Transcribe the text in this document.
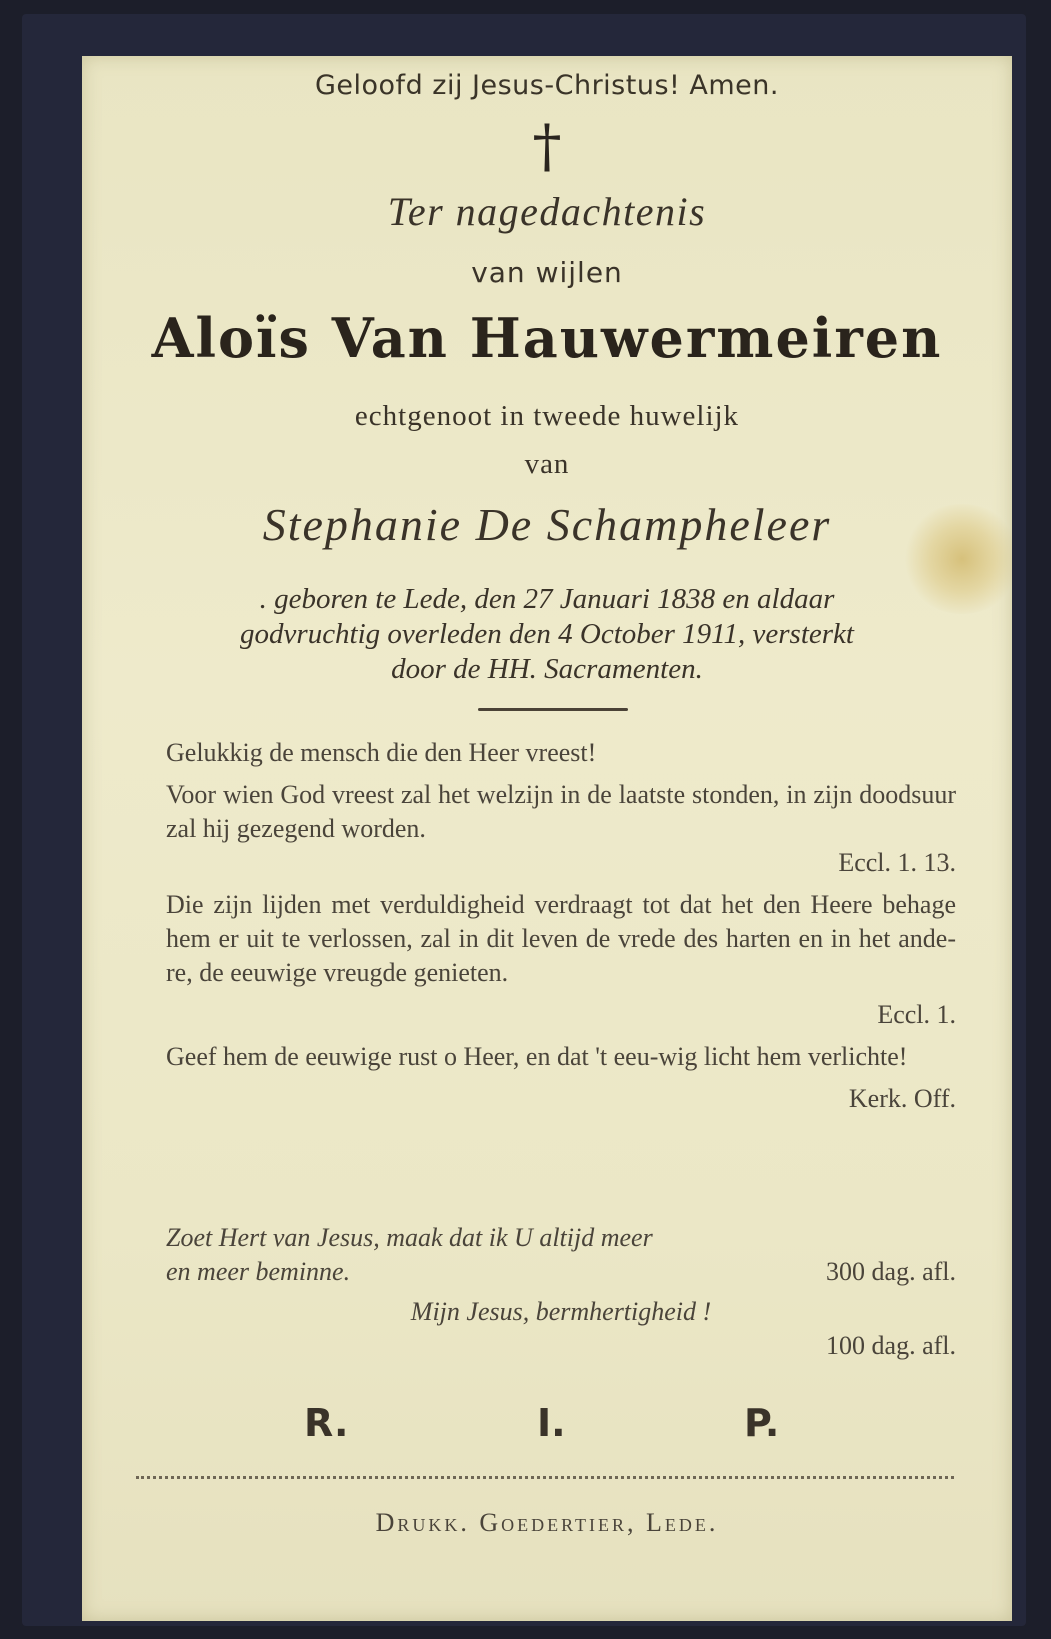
Geloofd zij Jesus-Christus! Amen.

†

Ter nagedachtenis

van wijlen

Aloïs Van Hauwermeiren

echtgenoot in tweede huwelijk

van

Stephanie De Schampheleer

. geboren te Lede, den 27 Januari 1838 en aldaar
godvruchtig overleden den 4 October 1911, versterkt
door de HH. Sacramenten.

Gelukkig de mensch die den Heer vreest!

Voor wien God vreest zal het welzijn in de laatste stonden, in zijn doodsuur zal hij gezegend worden.

Eccl. 1. 13.

Die zijn lijden met verduldigheid verdraagt tot dat het den Heere behage hem er uit te verlossen, zal in dit leven de vrede des harten en in het ande-re, de eeuwige vreugde genieten.

Eccl. 1.

Geef hem de eeuwige rust o Heer, en dat 't eeu-wig licht hem verlichte!

Kerk. Off.

Zoet Hert van Jesus, maak dat ik U altijd meer
en meer beminne.	300 dag. afl.
Mijn Jesus, bermhertigheid !
100 dag. afl.
R.	I.	P.

Drukk. Goedertier, Lede.
